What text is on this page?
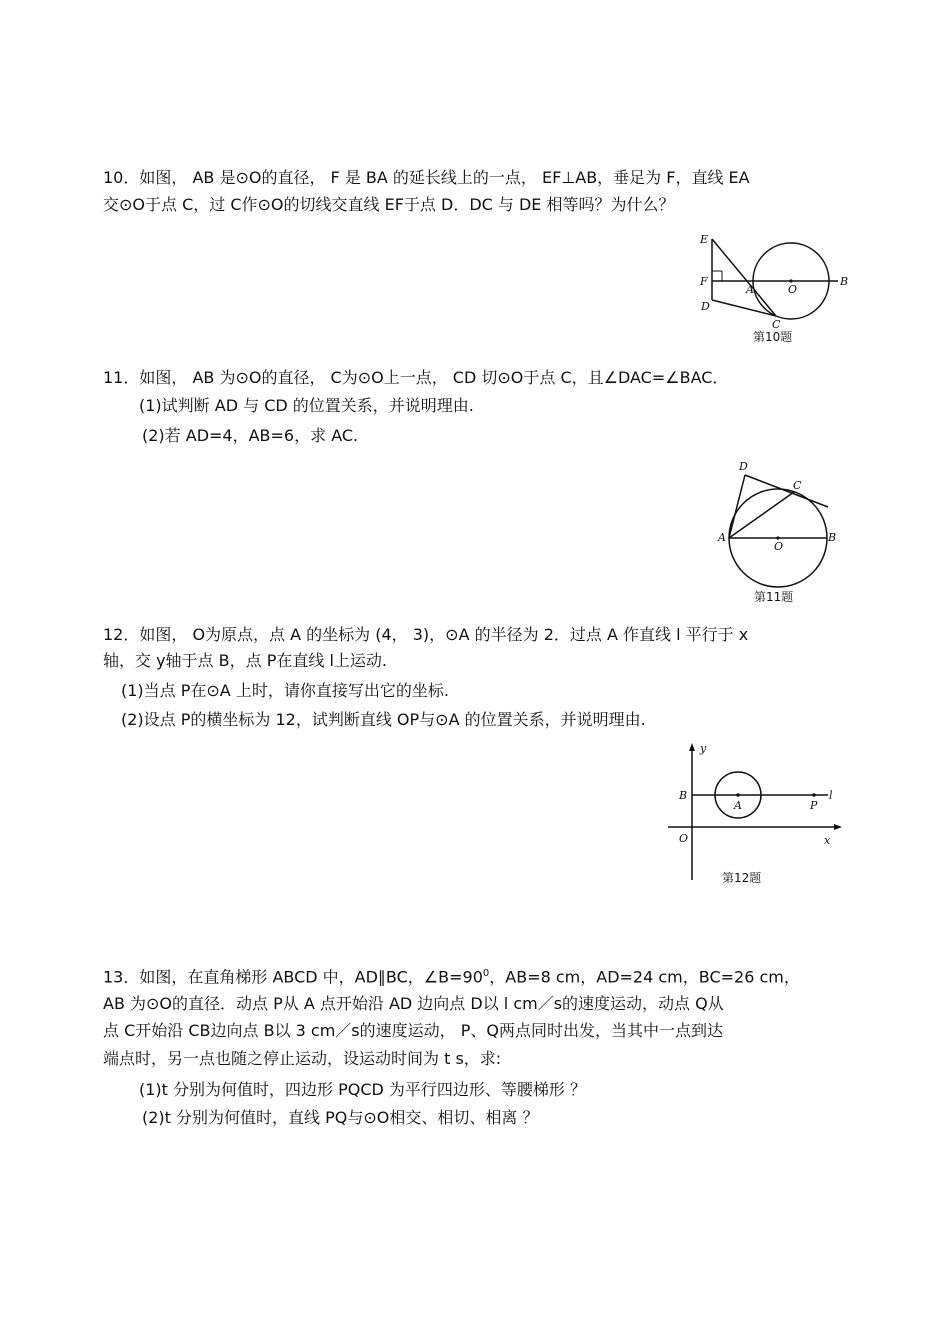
10．如图， AB 是⊙O的直径， F 是 BA 的延长线上的一点， EF⊥AB，垂足为 F，直线 EA
交⊙O于点 C，过 C作⊙O的切线交直线 EF于点 D．DC 与 DE 相等吗？为什么？
E
F
A	O
B
D
C
第10题
11．如图， AB 为⊙O的直径， C为⊙O上一点， CD 切⊙O于点 C，且∠DAC=∠BAC．
(1)试判断 AD 与 CD 的位置关系，并说明理由.
(2)若 AD=4，AB=6，求 AC.
D
C
A
O
B
第11题
12．如图， O为原点，点 A 的坐标为 (4， 3)，⊙A 的半径为 2．过点 A 作直线 l 平行于 x
轴，交 y轴于点 B，点 P在直线 l上运动.
(1)当点 P在⊙A 上时，请你直接写出它的坐标.
(2)设点 P的横坐标为 12，试判断直线 OP与⊙A 的位置关系，并说明理由.
y
B
A	P
l
O	x
第12题
13．如图，在直角梯形 ABCD 中，AD∥BC，$\angle B=90^0$，AB=8 cm，AD=24 cm，BC=26 cm，
AB 为⊙O的直径．动点 P从 A 点开始沿 AD 边向点 D以 l cm／s的速度运动，动点 Q从
点 C开始沿 CB边向点 B以 3 cm／s的速度运动， P、Q两点同时出发，当其中一点到达
端点时，另一点也随之停止运动，设运动时间为 t s，求:
(1)t 分别为何值时，四边形 PQCD 为平行四边形、等腰梯形 ？
(2)t 分别为何值时，直线 PQ与⊙O相交、相切、相离 ？
